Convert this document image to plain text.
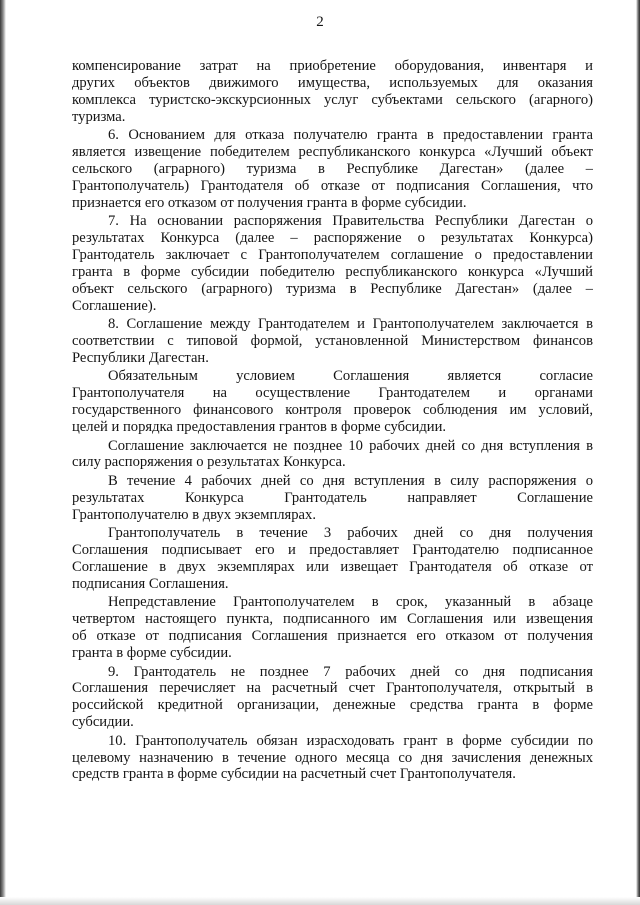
2
компенсирование затрат на приобретение оборудования, инвентаря и
других объектов движимого имущества, используемых для оказания
комплекса туристско-экскурсионных услуг субъектами сельского (агарного)
туризма.
6. Основанием для отказа получателю гранта в предоставлении гранта
является извещение победителем республиканского конкурса «Лучший объект
сельского (аграрного) туризма в Республике Дагестан» (далее –
Грантополучатель) Грантодателя об отказе от подписания Соглашения, что
признается его отказом от получения гранта в форме субсидии.
7. На основании распоряжения Правительства Республики Дагестан о
результатах Конкурса (далее – распоряжение о результатах Конкурса)
Грантодатель заключает с Грантополучателем соглашение о предоставлении
гранта в форме субсидии победителю республиканского конкурса «Лучший
объект сельского (аграрного) туризма в Республике Дагестан» (далее –
Соглашение).
8. Соглашение между Грантодателем и Грантополучателем заключается в
соответствии с типовой формой, установленной Министерством финансов
Республики Дагестан.
Обязательным условием Соглашения является согласие
Грантополучателя на осуществление Грантодателем и органами
государственного финансового контроля проверок соблюдения им условий,
целей и порядка предоставления грантов в форме субсидии.
Соглашение заключается не позднее 10 рабочих дней со дня вступления в
силу распоряжения о результатах Конкурса.
В течение 4 рабочих дней со дня вступления в силу распоряжения о
результатах Конкурса Грантодатель направляет Соглашение
Грантополучателю в двух экземплярах.
Грантополучатель в течение 3 рабочих дней со дня получения
Соглашения подписывает его и предоставляет Грантодателю подписанное
Соглашение в двух экземплярах или извещает Грантодателя об отказе от
подписания Соглашения.
Непредставление Грантополучателем в срок, указанный в абзаце
четвертом настоящего пункта, подписанного им Соглашения или извещения
об отказе от подписания Соглашения признается его отказом от получения
гранта в форме субсидии.
9. Грантодатель не позднее 7 рабочих дней со дня подписания
Соглашения перечисляет на расчетный счет Грантополучателя, открытый в
российской кредитной организации, денежные средства гранта в форме
субсидии.
10. Грантополучатель обязан израсходовать грант в форме субсидии по
целевому назначению в течение одного месяца со дня зачисления денежных
средств гранта в форме субсидии на расчетный счет Грантополучателя.
